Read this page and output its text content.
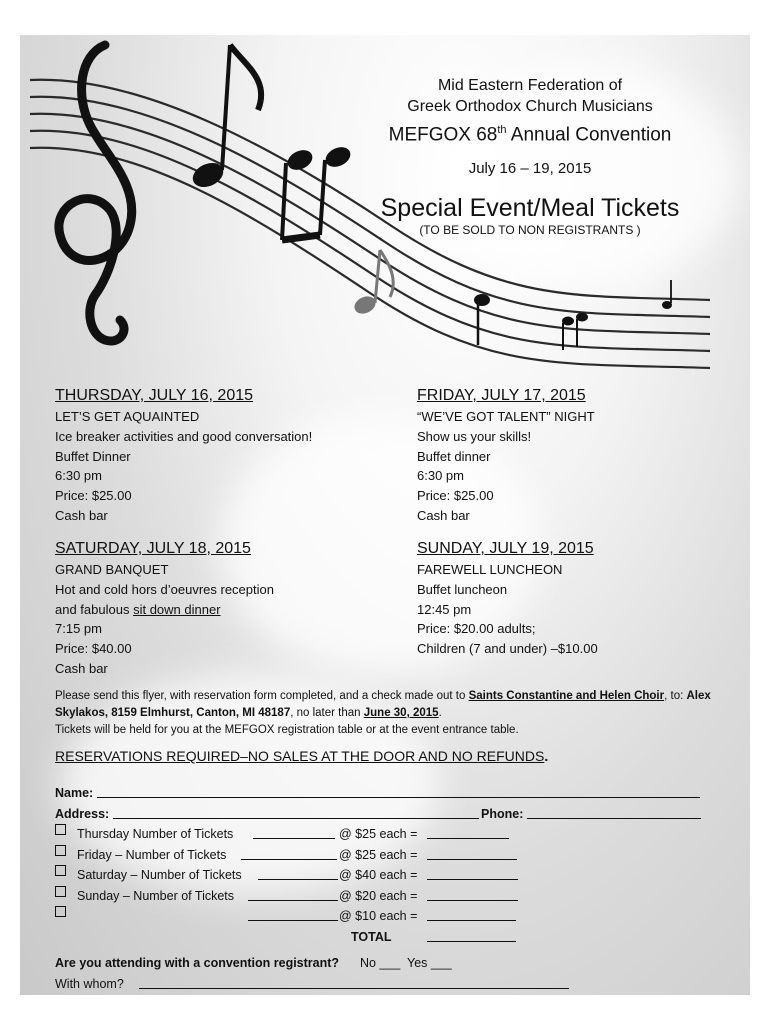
Mid Eastern Federation of
Greek Orthodox Church Musicians
MEFGOX 68th Annual Convention
July 16 – 19, 2015
Special Event/Meal Tickets
(TO BE SOLD TO NON REGISTRANTS )
THURSDAY, JULY 16, 2015
LET’S GET AQUAINTED
Ice breaker activities and good conversation!
Buffet Dinner
6:30 pm
Price: $25.00
Cash bar
FRIDAY, JULY 17, 2015
“WE’VE GOT TALENT” NIGHT
Show us your skills!
Buffet dinner
6:30 pm
Price: $25.00
Cash bar
SATURDAY, JULY 18, 2015
GRAND BANQUET
Hot and cold hors d’oeuvres reception
and fabulous sit down dinner
7:15 pm
Price: $40.00
Cash bar
SUNDAY, JULY 19, 2015
FAREWELL LUNCHEON
Buffet luncheon
12:45 pm
Price: $20.00 adults;
Children (7 and under) –$10.00
Please send this flyer, with reservation form completed, and a check made out to Saints Constantine and Helen Choir, to: Alex Skylakos, 8159 Elmhurst, Canton, MI 48187, no later than June 30, 2015.
Tickets will be held for you at the MEFGOX registration table or at the event entrance table.
RESERVATIONS REQUIRED–NO SALES AT THE DOOR AND NO REFUNDS.
Name:
Address:	Phone:
Thursday Number of Tickets	@ $25 each =
Friday – Number of Tickets	@ $25 each =
Saturday – Number of Tickets	@ $40 each =
Sunday – Number of Tickets	@ $20 each =
@ $10 each =
TOTAL
Are you attending with a convention registrant? No ___ Yes ___
With whom?
